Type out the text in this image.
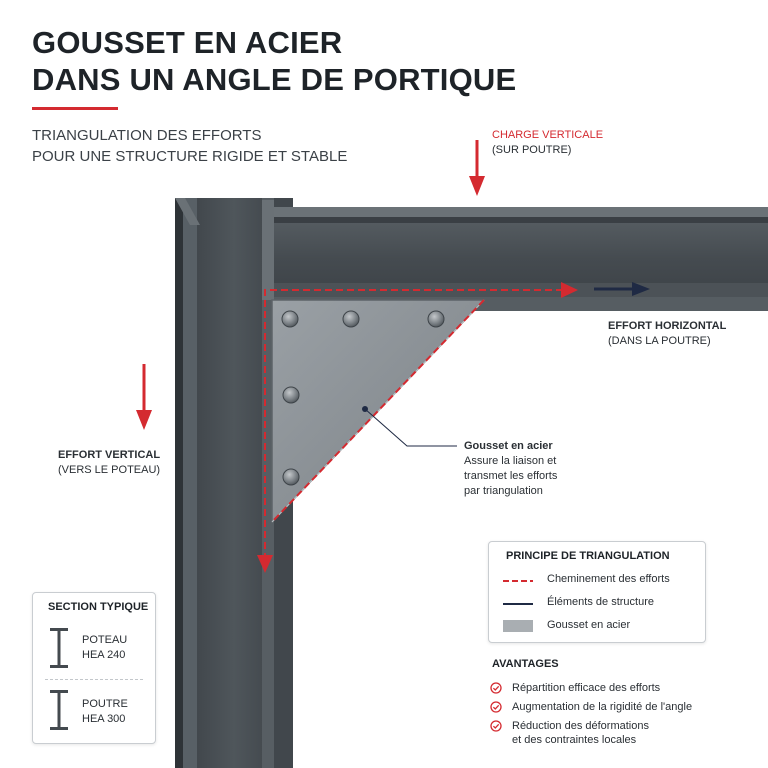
GOUSSET EN ACIER
DANS UN ANGLE DE PORTIQUE
TRIANGULATION DES EFFORTS
POUR UNE STRUCTURE RIGIDE ET STABLE
CHARGE VERTICALE
(SUR POUTRE)
EFFORT HORIZONTAL
(DANS LA POUTRE)
EFFORT VERTICAL
(VERS LE POTEAU)
Gousset en acier
Assure la liaison et
transmet les efforts
par triangulation
PRINCIPE DE TRIANGULATION
Cheminement des efforts
Éléments de structure
Gousset en acier
SECTION TYPIQUE
POTEAU
HEA 240
POUTRE
HEA 300
AVANTAGES
Répartition efficace des efforts
Augmentation de la rigidité de l'angle
Réduction des déformations
et des contraintes locales
